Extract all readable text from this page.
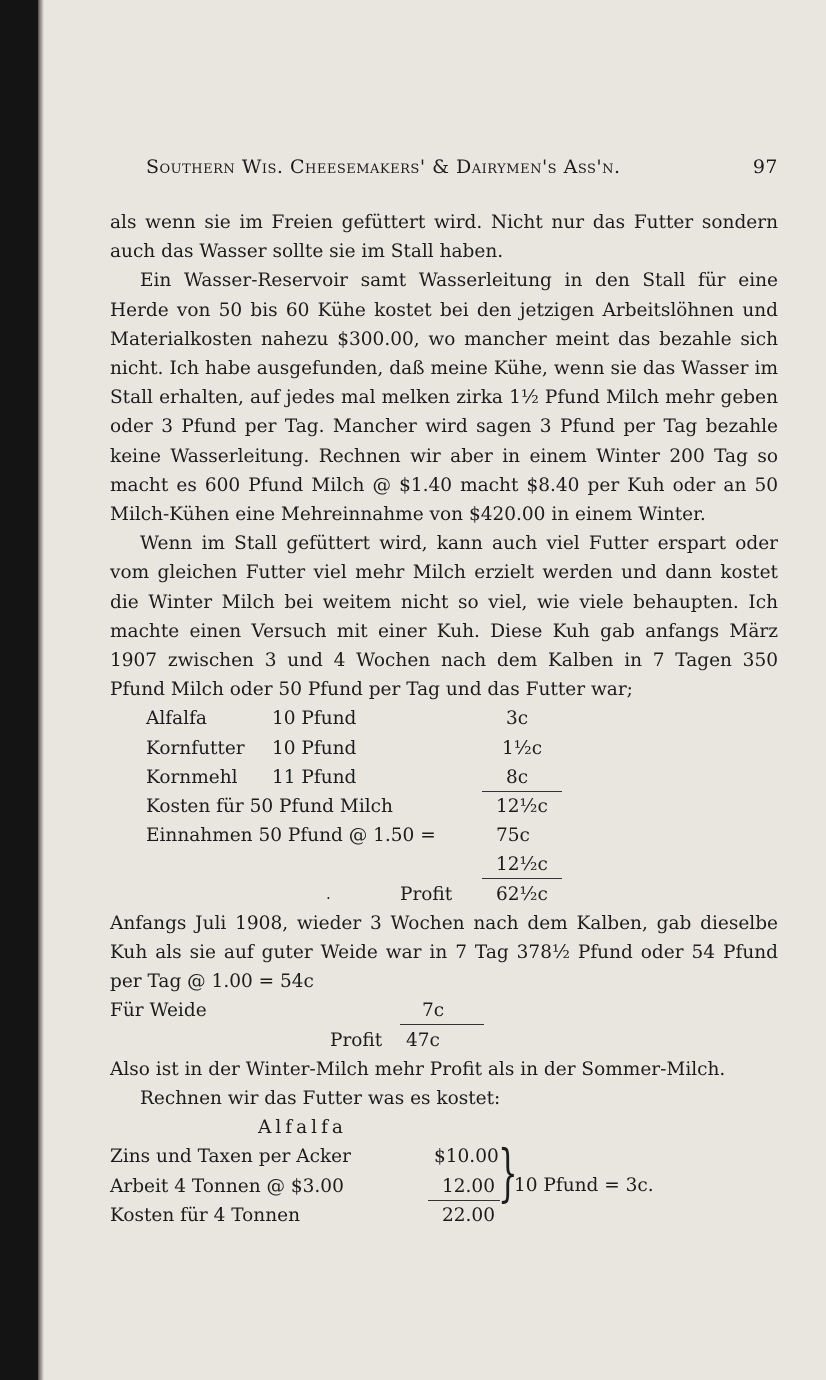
Southern Wis. Cheesemakers' & Dairymen's Ass'n.	97

als wenn sie im Freien gefüttert wird. Nicht nur das Futter sondern auch das Wasser sollte sie im Stall haben.

Ein Wasser-Reservoir samt Wasserleitung in den Stall für eine Herde von 50 bis 60 Kühe kostet bei den jetzigen Arbeitslöhnen und Materialkosten nahezu $300.00, wo mancher meint das bezahle sich nicht. Ich habe ausgefunden, daß meine Kühe, wenn sie das Wasser im Stall erhalten, auf jedes mal melken zirka 1½ Pfund Milch mehr geben oder 3 Pfund per Tag. Mancher wird sagen 3 Pfund per Tag bezahle keine Wasserleitung. Rechnen wir aber in einem Winter 200 Tag so macht es 600 Pfund Milch @ $1.40 macht $8.40 per Kuh oder an 50 Milch-Kühen eine Mehreinnahme von $420.00 in einem Winter.

Wenn im Stall gefüttert wird, kann auch viel Futter erspart oder vom gleichen Futter viel mehr Milch erzielt werden und dann kostet die Winter Milch bei weitem nicht so viel, wie viele behaupten. Ich machte einen Versuch mit einer Kuh. Diese Kuh gab anfangs März 1907 zwischen 3 und 4 Wochen nach dem Kalben in 7 Tagen 350 Pfund Milch oder 50 Pfund per Tag und das Futter war;

Alfalfa	10 Pfund	3c
Kornfutter 10 Pfund	1½c
Kornmehl 11 Pfund	8c
Kosten für 50 Pfund Milch	12½c
Einnahmen 50 Pfund @ 1.50 =	75c
12½c
.	Profit 62½c

Anfangs Juli 1908, wieder 3 Wochen nach dem Kalben, gab dieselbe Kuh als sie auf guter Weide war in 7 Tag 378½ Pfund oder 54 Pfund per Tag @ 1.00 = 54c

Für Weide	7c
Profit 47c

Also ist in der Winter-Milch mehr Profit als in der Sommer-Milch.

Rechnen wir das Futter was es kostet:

Alfalfa
Zins und Taxen per Acker	$10.00
Arbeit 4 Tonnen @ $3.00	12.00
Kosten für 4 Tonnen	22.00
}
10 Pfund = 3c.
